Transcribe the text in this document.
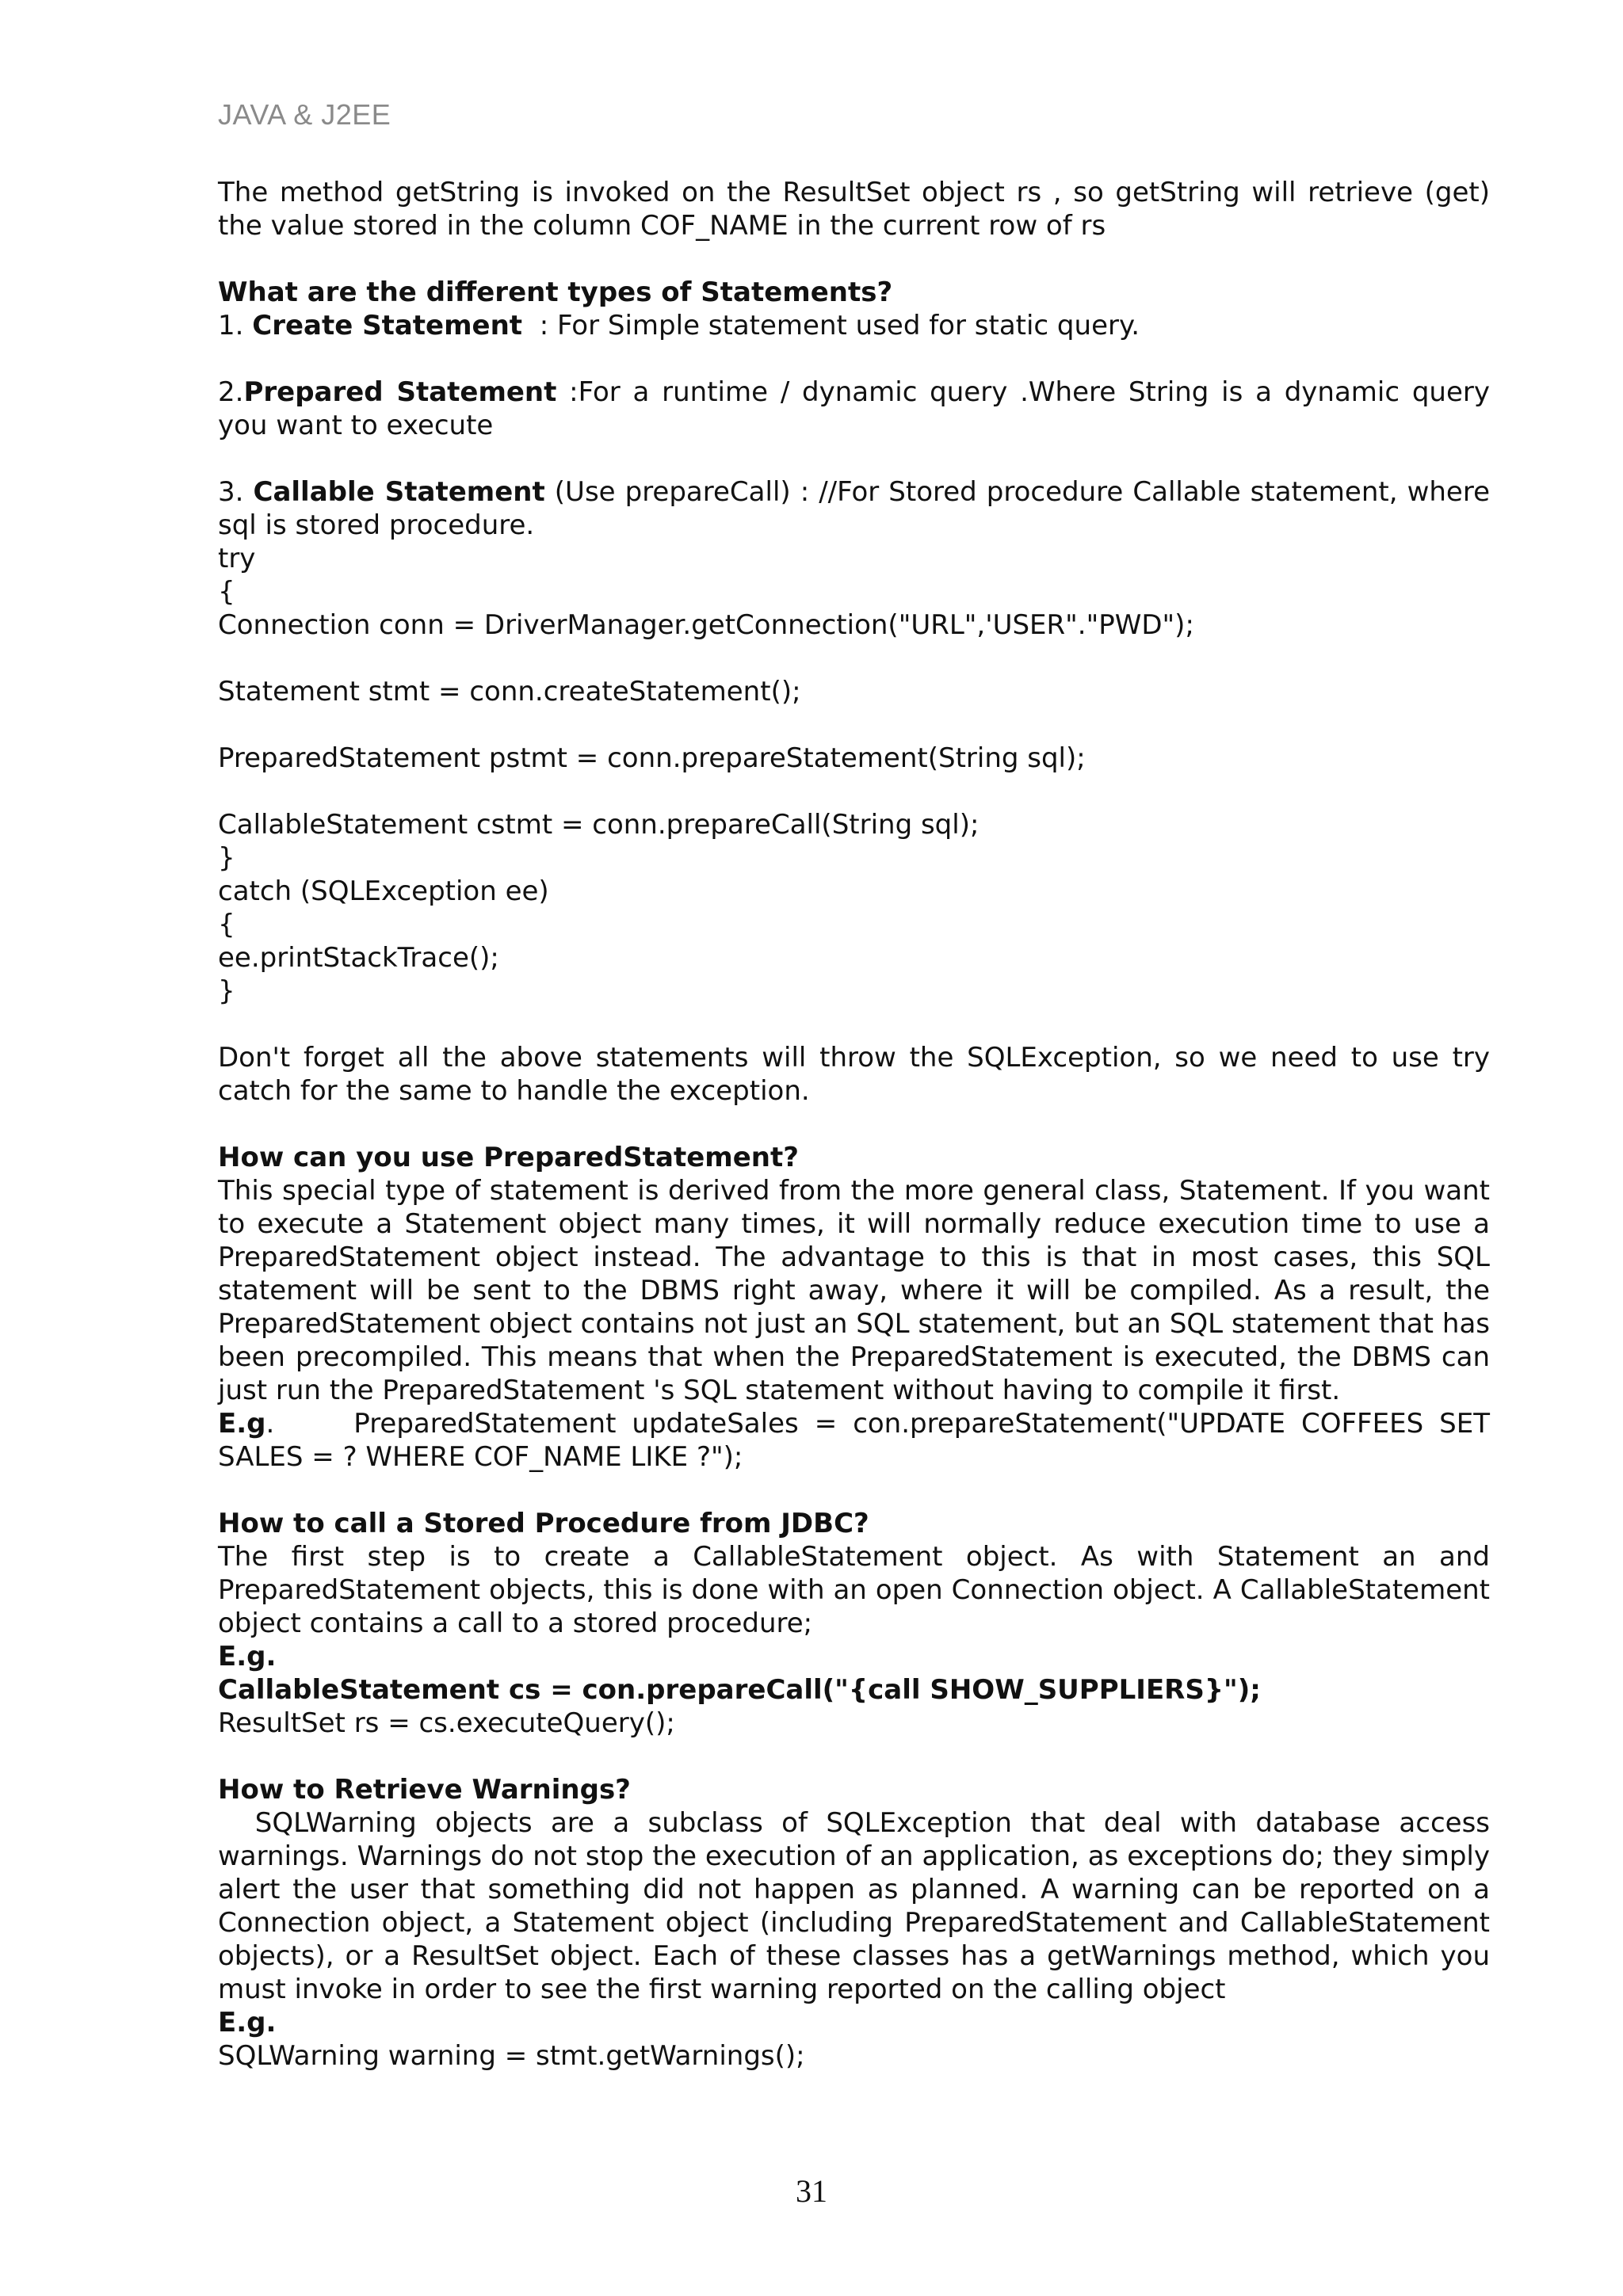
JAVA & J2EE

The method getString is invoked on the ResultSet object rs , so getString will retrieve (get) the value stored in the column COF_NAME in the current row of rs

What are the different types of Statements?

1. Create Statement  : For Simple statement used for static query.

2.Prepared Statement :For a runtime / dynamic query .Where String is a dynamic query you want to execute

3. Callable Statement (Use prepareCall) : //For Stored procedure Callable statement, where sql is stored procedure.

try

{

Connection conn = DriverManager.getConnection("URL",'USER"."PWD");

Statement stmt = conn.createStatement();

PreparedStatement pstmt = conn.prepareStatement(String sql);

CallableStatement cstmt = conn.prepareCall(String sql);

}

catch (SQLException ee)

{

ee.printStackTrace();

}

Don't forget all the above statements will throw the SQLException, so we need to use try catch for the same to handle the exception.

How can you use PreparedStatement?

This special type of statement is derived from the more general class, Statement. If you want to execute a Statement object many times, it will normally reduce execution time to use a PreparedStatement object instead. The advantage to this is that in most cases, this SQL statement will be sent to the DBMS right away, where it will be compiled. As a result, the PreparedStatement object contains not just an SQL statement, but an SQL statement that has been precompiled. This means that when the PreparedStatement is executed, the DBMS can just run the PreparedStatement 's SQL statement without having to compile it first.

E.g.	PreparedStatement updateSales = con.prepareStatement("UPDATE COFFEES SET SALES = ? WHERE COF_NAME LIKE ?");

How to call a Stored Procedure from JDBC?

The first step is to create a CallableStatement object. As with Statement an and PreparedStatement objects, this is done with an open Connection object. A CallableStatement object contains a call to a stored procedure;

E.g.

CallableStatement cs = con.prepareCall("{call SHOW_SUPPLIERS}");

ResultSet rs = cs.executeQuery();

How to Retrieve Warnings?

SQLWarning objects are a subclass of SQLException that deal with database access warnings. Warnings do not stop the execution of an application, as exceptions do; they simply alert the user that something did not happen as planned. A warning can be reported on a Connection object, a Statement object (including PreparedStatement and CallableStatement objects), or a ResultSet object. Each of these classes has a getWarnings method, which you must invoke in order to see the first warning reported on the calling object

E.g.

SQLWarning warning = stmt.getWarnings();

31
